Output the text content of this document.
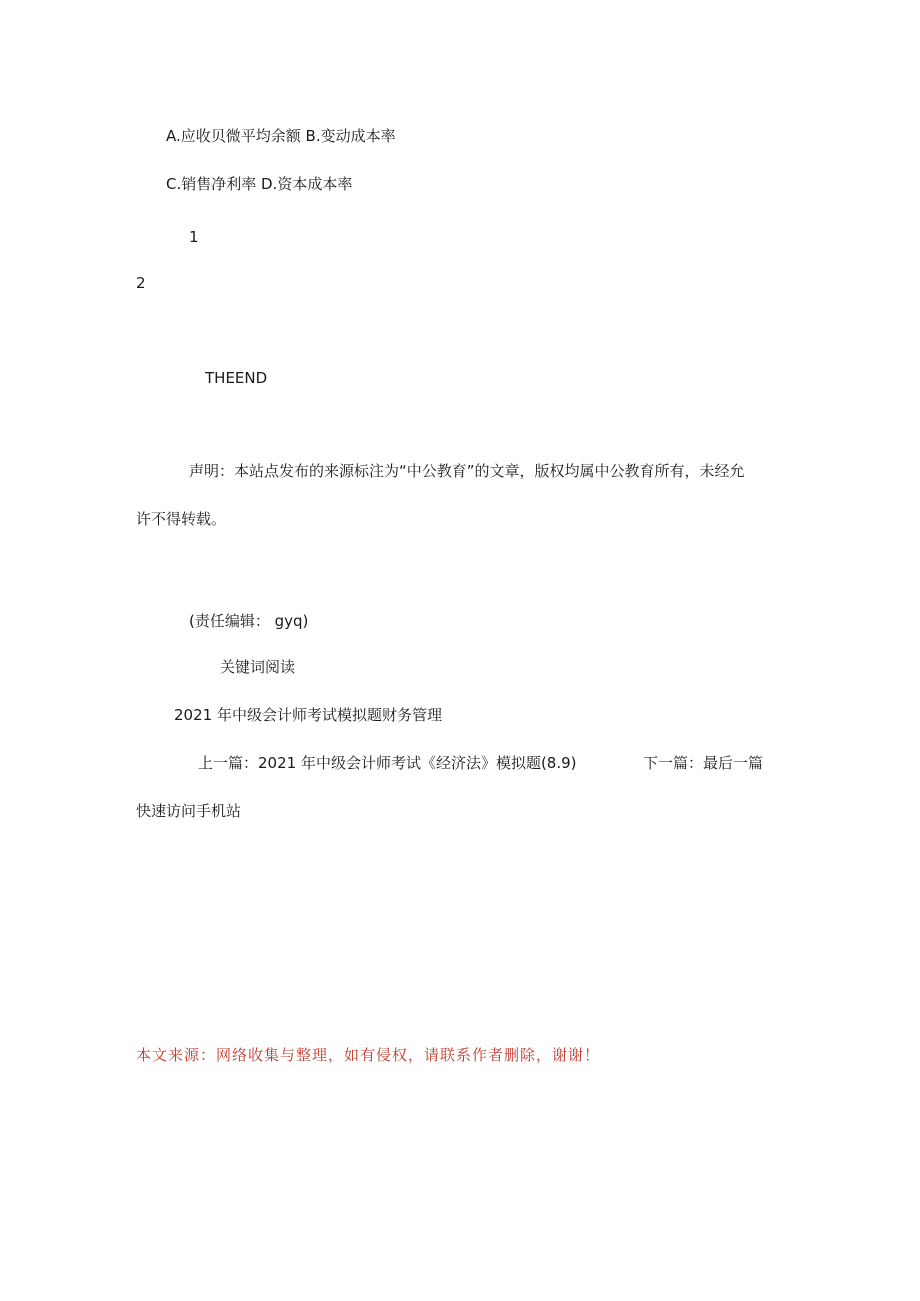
A.应收贝微平均余额 B.变动成本率
C.销售净利率 D.资本成本率
1
2
THEEND
声明：本站点发布的来源标注为“中公教育”的文章，版权均属中公教育所有，未经允
许不得转载。
(责任编辑： gyq)
关键词阅读
2021 年中级会计师考试模拟题财务管理
上一篇：2021 年中级会计师考试《经济法》模拟题(8.9)	下一篇：最后一篇
快速访问手机站
本文来源：网络收集与整理，如有侵权，请联系作者删除，谢谢！
